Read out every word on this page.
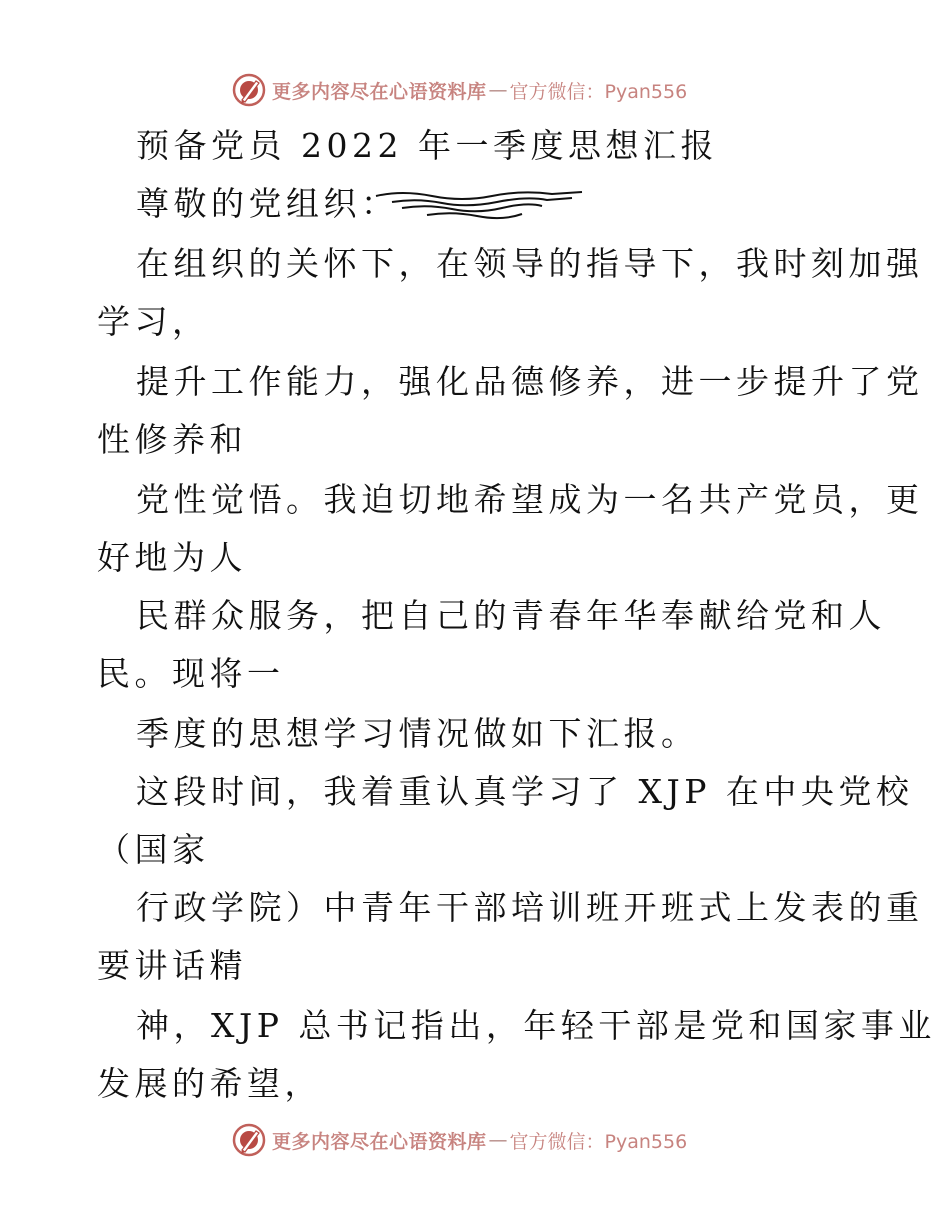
更多内容尽在心语资料库 — 官方微信：Pyan556
预备党员 2022 年一季度思想汇报
尊敬的党组织：
在组织的关怀下，在领导的指导下，我时刻加强
学习，
提升工作能力，强化品德修养，进一步提升了党
性修养和
党性觉悟。我迫切地希望成为一名共产党员，更
好地为人
民群众服务，把自己的青春年华奉献给党和人
民。现将一
季度的思想学习情况做如下汇报。
这段时间，我着重认真学习了 XJP 在中央党校
（国家
行政学院）中青年干部培训班开班式上发表的重
要讲话精
神，XJP 总书记指出，年轻干部是党和国家事业
发展的希望，
更多内容尽在心语资料库 — 官方微信：Pyan556
